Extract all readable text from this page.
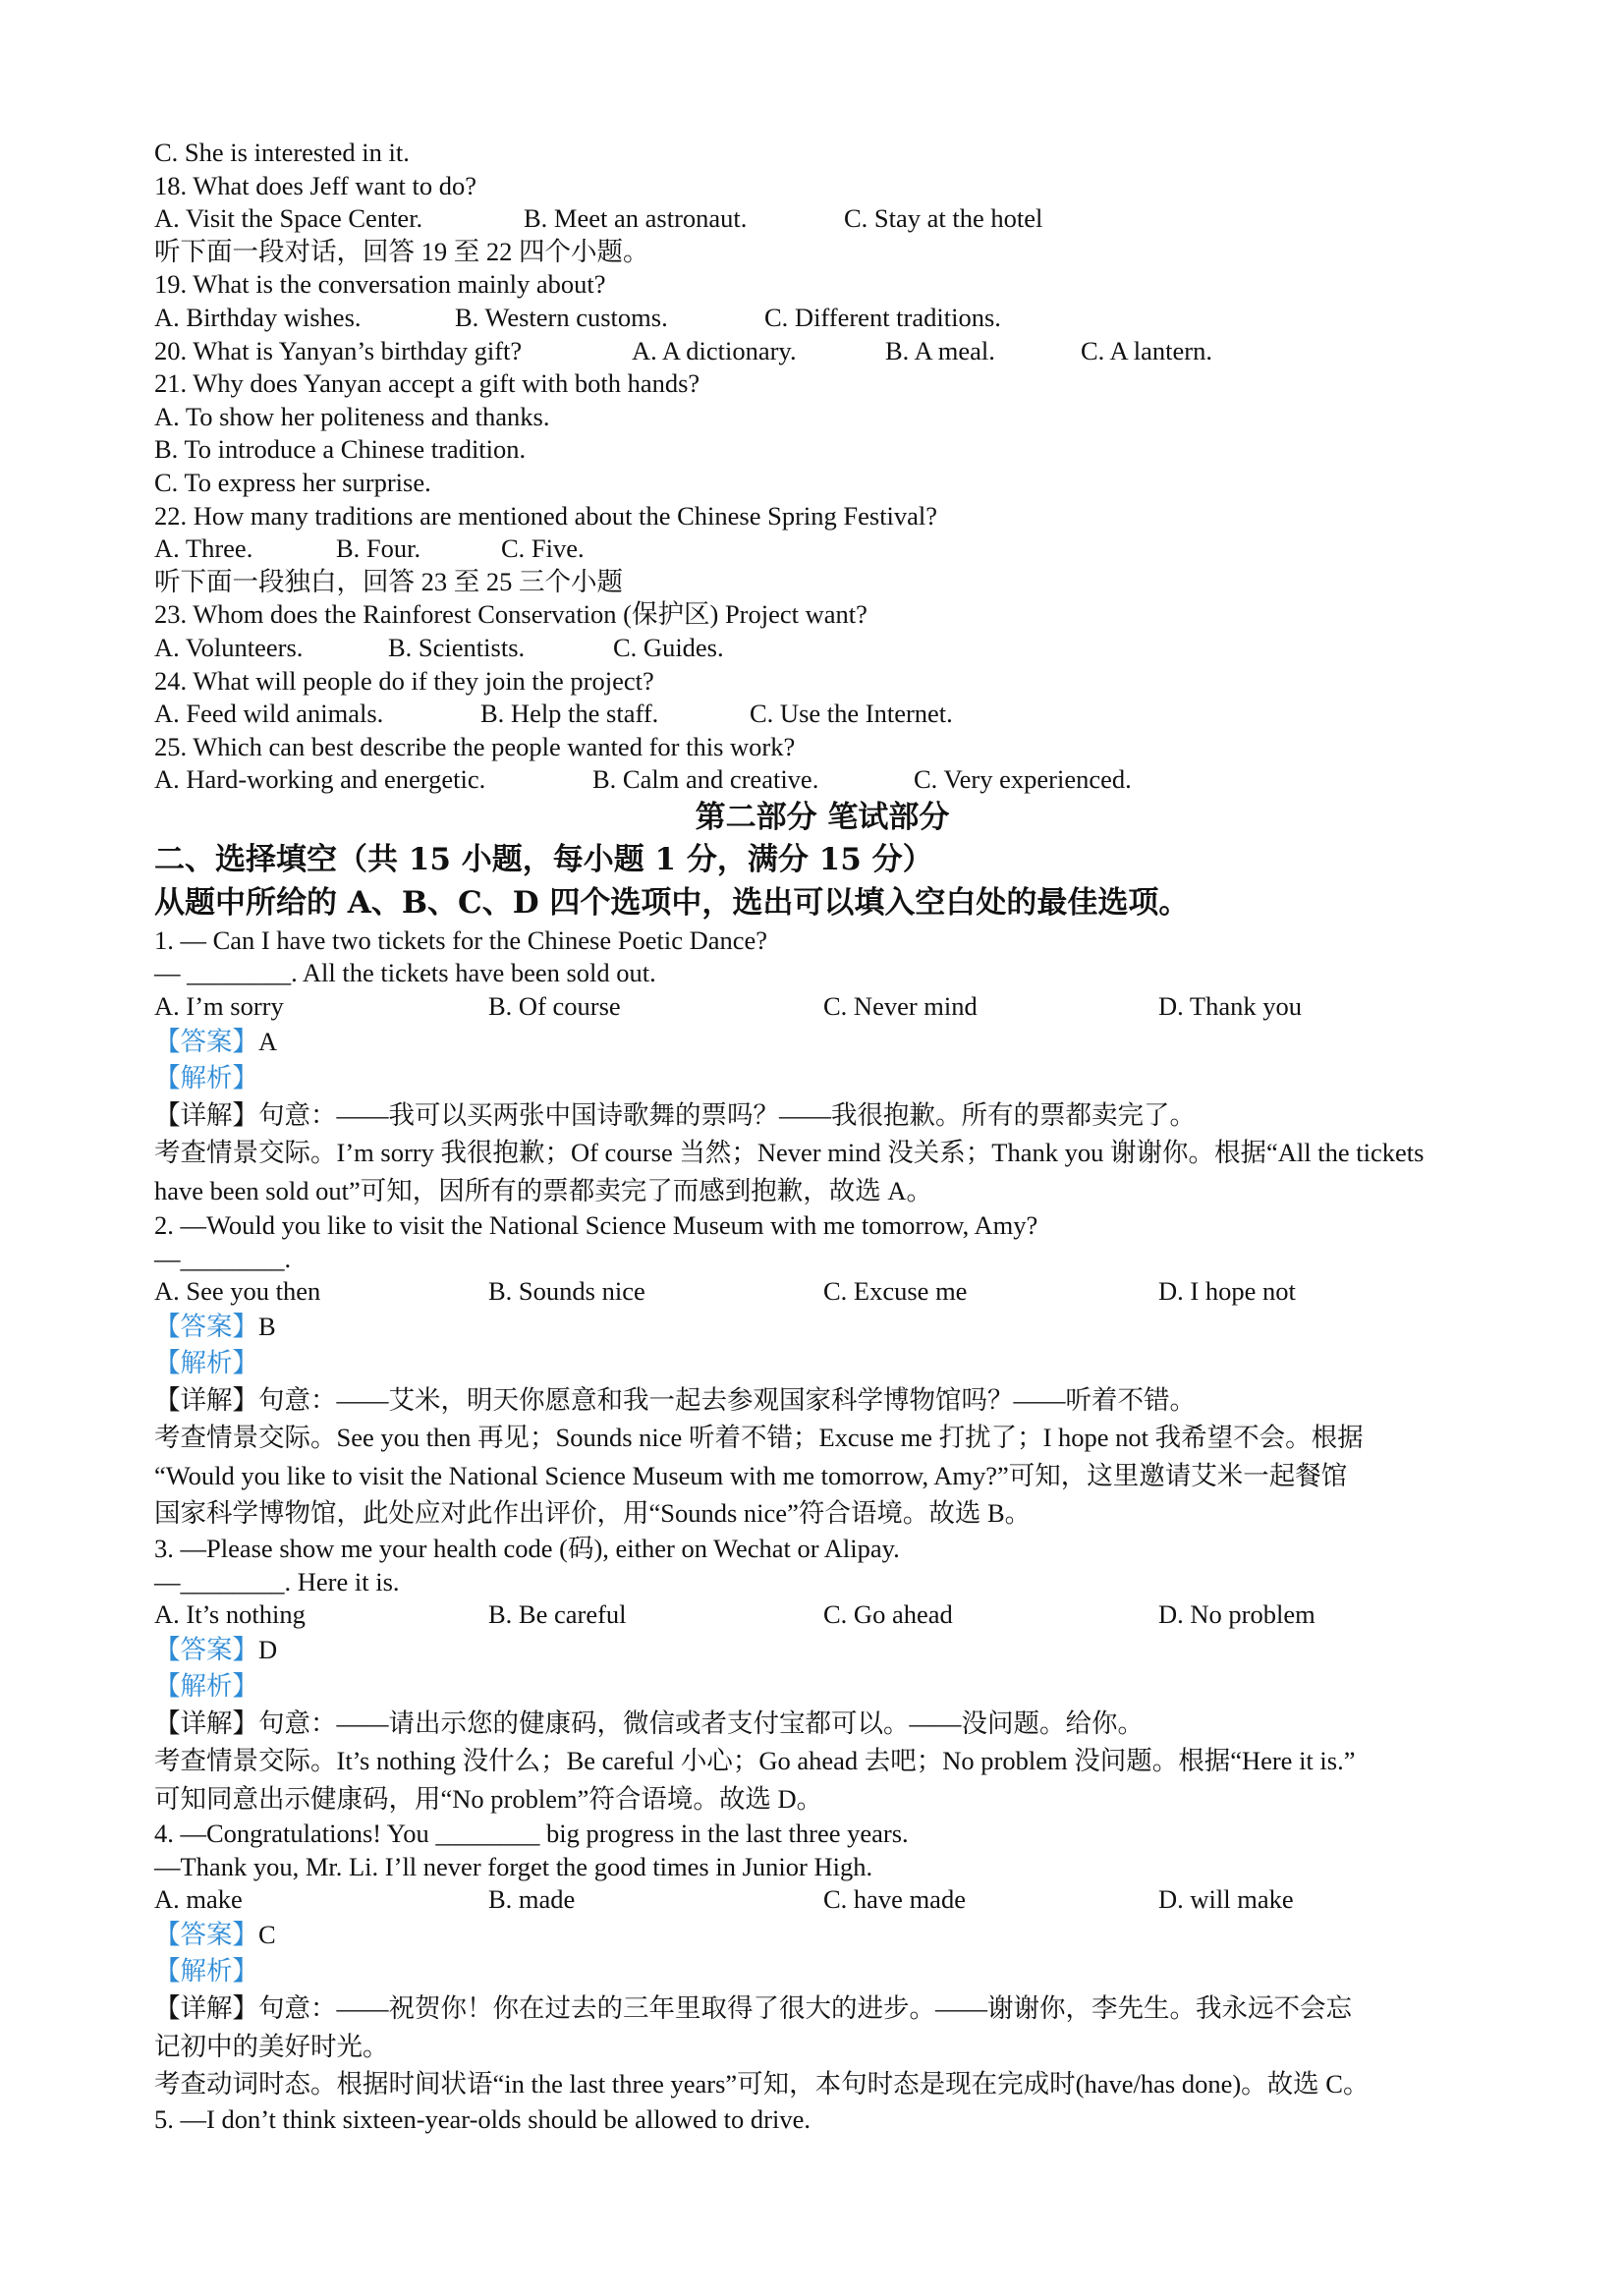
C. She is interested in it.
18. What does Jeff want to do?
A. Visit the Space Center.	B. Meet an astronaut.	C. Stay at the hotel
听下面一段对话，回答 19 至 22 四个小题。
19. What is the conversation mainly about?
A. Birthday wishes.	B. Western customs.	C. Different traditions.
20. What is Yanyan’s birthday gift?	A. A dictionary.	B. A meal.	C. A lantern.
21. Why does Yanyan accept a gift with both hands?
A. To show her politeness and thanks.
B. To introduce a Chinese tradition.
C. To express her surprise.
22. How many traditions are mentioned about the Chinese Spring Festival?
A. Three.	B. Four.	C. Five.
听下面一段独白，回答 23 至 25 三个小题
23. Whom does the Rainforest Conservation (保护区) Project want?
A. Volunteers.	B. Scientists.	C. Guides.
24. What will people do if they join the project?
A. Feed wild animals.	B. Help the staff.	C. Use the Internet.
25. Which can best describe the people wanted for this work?
A. Hard-working and energetic.	B. Calm and creative.	C. Very experienced.
第二部分 笔试部分
二、选择填空（共 15 小题，每小题 1 分，满分 15 分）
从题中所给的 A、B、C、D 四个选项中，选出可以填入空白处的最佳选项。
1. — Can I have two tickets for the Chinese Poetic Dance?
— ________. All the tickets have been sold out.
A. I’m sorry	B. Of course	C. Never mind	D. Thank you
【答案】A
【解析】
【详解】句意：——我可以买两张中国诗歌舞的票吗？——我很抱歉。所有的票都卖完了。
考查情景交际。I’m sorry 我很抱歉；Of course 当然；Never mind 没关系；Thank you 谢谢你。根据“All the tickets
have been sold out”可知，因所有的票都卖完了而感到抱歉，故选 A。
2. —Would you like to visit the National Science Museum with me tomorrow, Amy?
—________.
A. See you then	B. Sounds nice	C. Excuse me	D. I hope not
【答案】B
【解析】
【详解】句意：——艾米，明天你愿意和我一起去参观国家科学博物馆吗？——听着不错。
考查情景交际。See you then 再见；Sounds nice 听着不错；Excuse me 打扰了；I hope not 我希望不会。根据
“Would you like to visit the National Science Museum with me tomorrow, Amy?”可知，这里邀请艾米一起餐馆
国家科学博物馆，此处应对此作出评价，用“Sounds nice”符合语境。故选 B。
3. —Please show me your health code (码), either on Wechat or Alipay.
—________. Here it is.
A. It’s nothing	B. Be careful	C. Go ahead	D. No problem
【答案】D
【解析】
【详解】句意：——请出示您的健康码，微信或者支付宝都可以。——没问题。给你。
考查情景交际。It’s nothing 没什么；Be careful 小心；Go ahead 去吧；No problem 没问题。根据“Here it is.”
可知同意出示健康码，用“No problem”符合语境。故选 D。
4. —Congratulations! You ________ big progress in the last three years.
—Thank you, Mr. Li. I’ll never forget the good times in Junior High.
A. make	B. made	C. have made	D. will make
【答案】C
【解析】
【详解】句意：——祝贺你！你在过去的三年里取得了很大的进步。——谢谢你，李先生。我永远不会忘
记初中的美好时光。
考查动词时态。根据时间状语“in the last three years”可知，本句时态是现在完成时(have/has done)。故选 C。
5. —I don’t think sixteen-year-olds should be allowed to drive.
